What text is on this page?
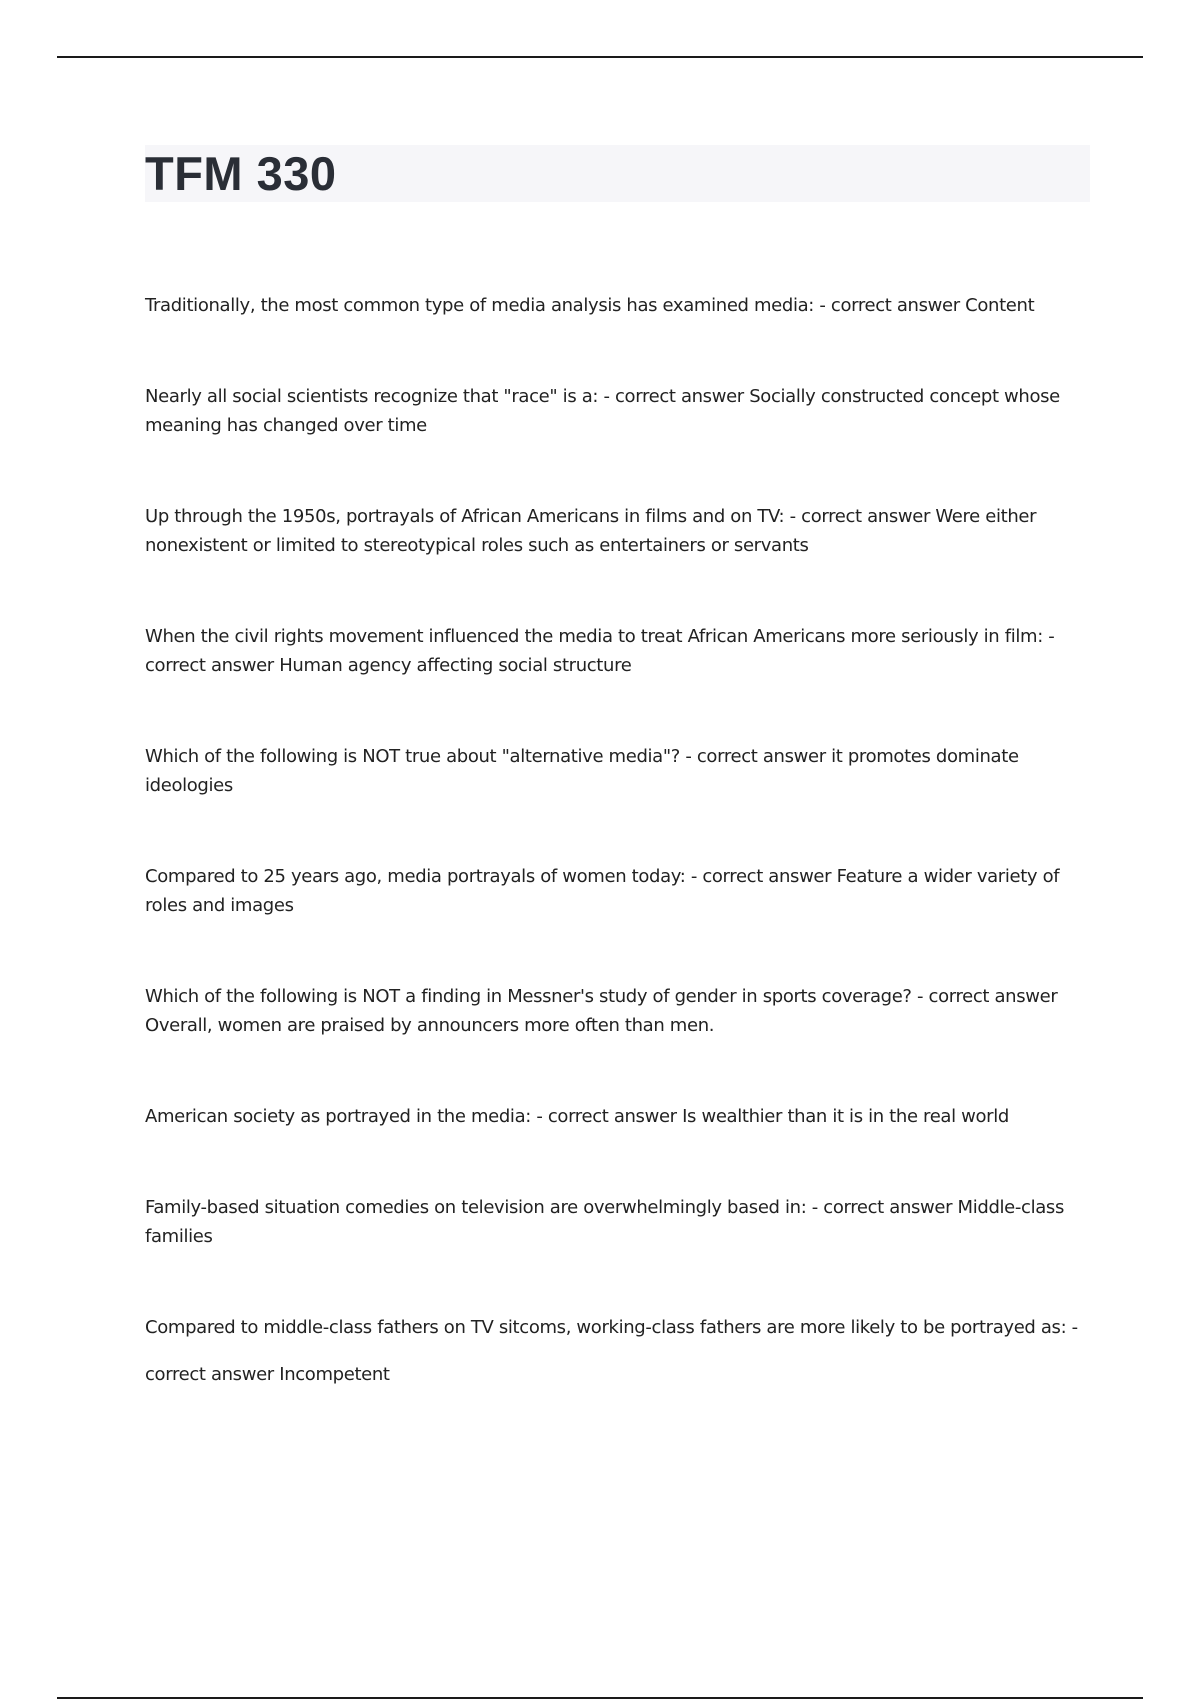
TFM 330

Traditionally, the most common type of media analysis has examined media: - correct answer Content

Nearly all social scientists recognize that "race" is a: - correct answer Socially constructed concept whose meaning has changed over time

Up through the 1950s, portrayals of African Americans in films and on TV: - correct answer Were either nonexistent or limited to stereotypical roles such as entertainers or servants

When the civil rights movement influenced the media to treat African Americans more seriously in film: - correct answer Human agency affecting social structure

Which of the following is NOT true about "alternative media"? - correct answer it promotes dominate ideologies

Compared to 25 years ago, media portrayals of women today: - correct answer Feature a wider variety of roles and images

Which of the following is NOT a finding in Messner's study of gender in sports coverage? - correct answer Overall, women are praised by announcers more often than men.

American society as portrayed in the media: - correct answer Is wealthier than it is in the real world

Family-based situation comedies on television are overwhelmingly based in: - correct answer Middle-class families

Compared to middle-class fathers on TV sitcoms, working-class fathers are more likely to be portrayed as: - correct answer Incompetent
